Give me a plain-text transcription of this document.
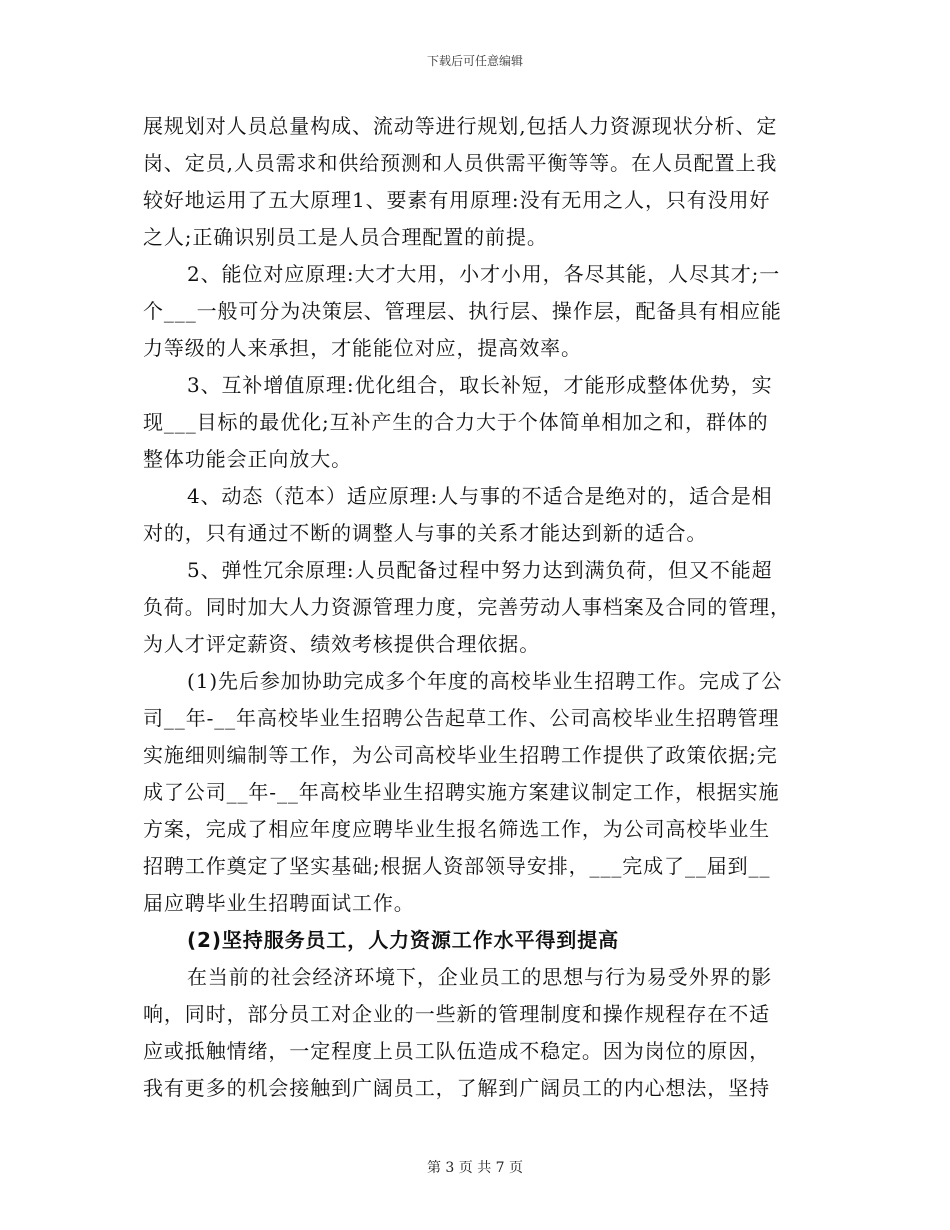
下载后可任意编辑
展规划对人员总量构成、流动等进行规划,包括人力资源现状分析、定
岗、定员,人员需求和供给预测和人员供需平衡等等。在人员配置上我
较好地运用了五大原理1、要素有用原理:没有无用之人，只有没用好
之人;正确识别员工是人员合理配置的前提。
2、能位对应原理:大才大用，小才小用，各尽其能，人尽其才;一
个___一般可分为决策层、管理层、执行层、操作层，配备具有相应能
力等级的人来承担，才能能位对应，提高效率。
3、互补增值原理:优化组合，取长补短，才能形成整体优势，实
现___目标的最优化;互补产生的合力大于个体简单相加之和，群体的
整体功能会正向放大。
4、动态（范本）适应原理:人与事的不适合是绝对的，适合是相
对的，只有通过不断的调整人与事的关系才能达到新的适合。
5、弹性冗余原理:人员配备过程中努力达到满负荷，但又不能超
负荷。同时加大人力资源管理力度，完善劳动人事档案及合同的管理，
为人才评定薪资、绩效考核提供合理依据。
(1)先后参加协助完成多个年度的高校毕业生招聘工作。完成了公
司__年-__年高校毕业生招聘公告起草工作、公司高校毕业生招聘管理
实施细则编制等工作，为公司高校毕业生招聘工作提供了政策依据;完
成了公司__年-__年高校毕业生招聘实施方案建议制定工作，根据实施
方案，完成了相应年度应聘毕业生报名筛选工作，为公司高校毕业生
招聘工作奠定了坚实基础;根据人资部领导安排，___完成了__届到__
届应聘毕业生招聘面试工作。
(2)坚持服务员工，人力资源工作水平得到提高
在当前的社会经济环境下，企业员工的思想与行为易受外界的影
响，同时，部分员工对企业的一些新的管理制度和操作规程存在不适
应或抵触情绪，一定程度上员工队伍造成不稳定。因为岗位的原因，
我有更多的机会接触到广阔员工，了解到广阔员工的内心想法，坚持
第 3 页 共 7 页
